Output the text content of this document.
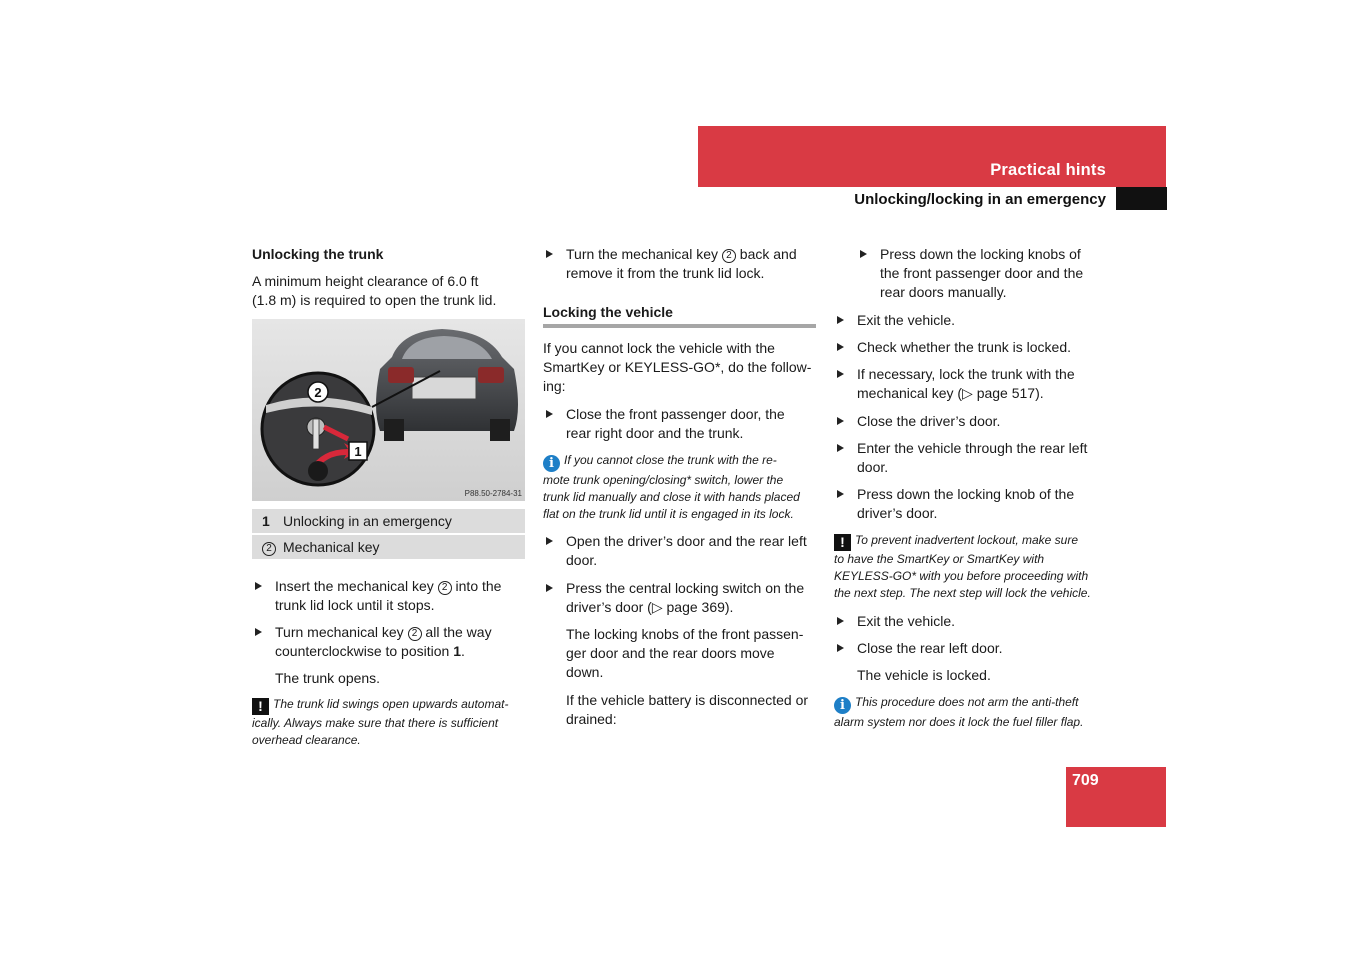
Practical hints
Unlocking/locking in an emergency

Unlocking the trunk

A minimum height clearance of 6.0 ft
(1.8 m) is required to open the trunk lid.

2
1
P88.50-2784-31
1 Unlocking in an emergency
2 Mechanical key

Insert the mechanical key 2 into the
trunk lid lock until it stops.

Turn mechanical key 2 all the way
counterclockwise to position 1.

The trunk opens.

! The trunk lid swings open upwards automat-
ically. Always make sure that there is sufficient
overhead clearance.

Turn the mechanical key 2 back and
remove it from the trunk lid lock.

Locking the vehicle

If you cannot lock the vehicle with the
SmartKey or KEYLESS-GO*, do the follow-
ing:

Close the front passenger door, the
rear right door and the trunk.

i If you cannot close the trunk with the re-
mote trunk opening/closing* switch, lower the
trunk lid manually and close it with hands placed
flat on the trunk lid until it is engaged in its lock.

Open the driver’s door and the rear left
door.

Press the central locking switch on the
driver’s door (▷ page 369).

The locking knobs of the front passen-
ger door and the rear doors move
down.

If the vehicle battery is disconnected or
drained:

Press down the locking knobs of
the front passenger door and the
rear doors manually.

Exit the vehicle.

Check whether the trunk is locked.

If necessary, lock the trunk with the
mechanical key (▷ page 517).

Close the driver’s door.

Enter the vehicle through the rear left
door.

Press down the locking knob of the
driver’s door.

! To prevent inadvertent lockout, make sure
to have the SmartKey or SmartKey with
KEYLESS-GO* with you before proceeding with
the next step. The next step will lock the vehicle.

Exit the vehicle.

Close the rear left door.

The vehicle is locked.

i This procedure does not arm the anti-theft
alarm system nor does it lock the fuel filler flap.

709
